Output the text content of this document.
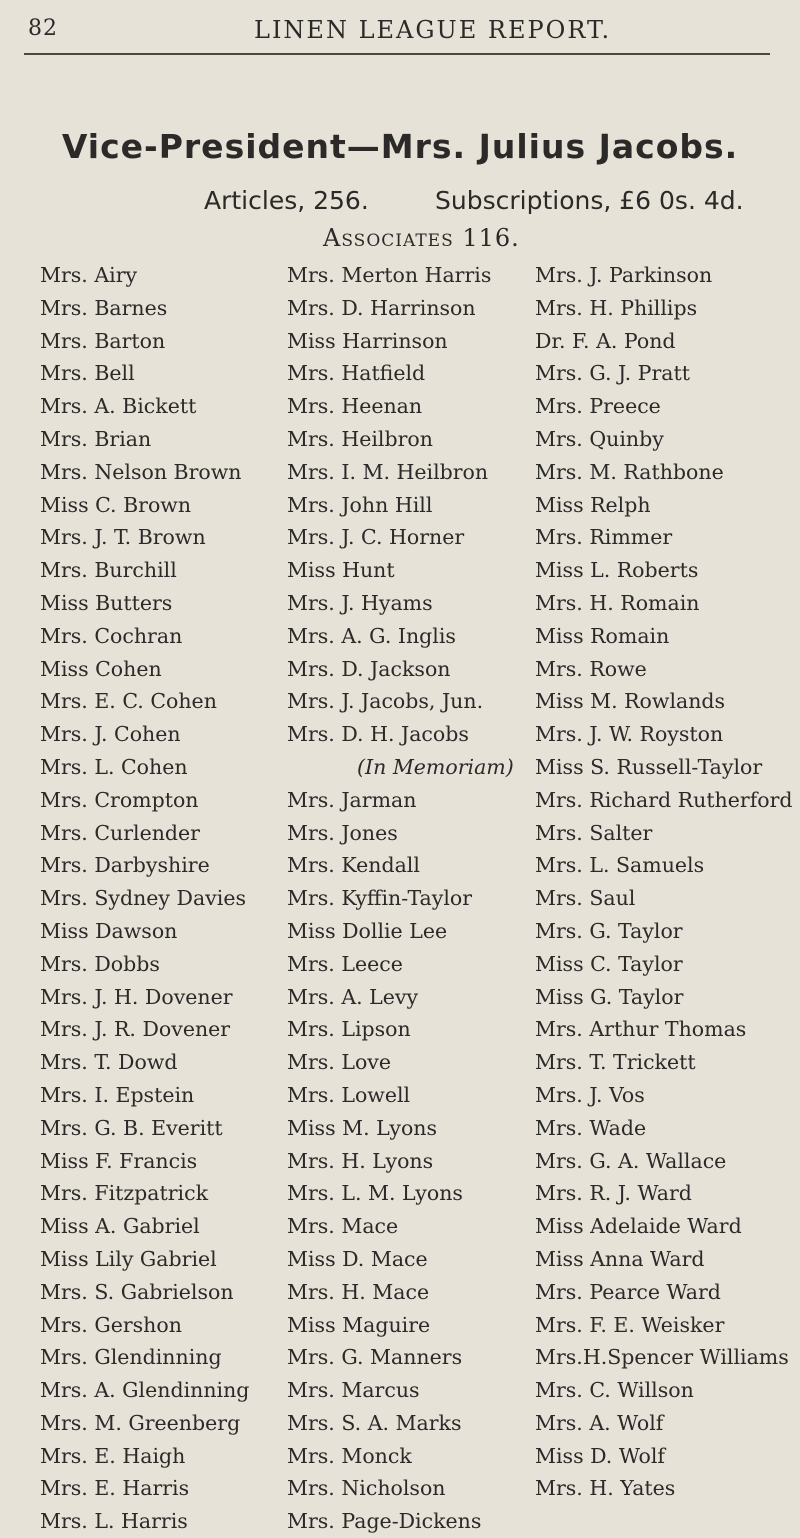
82	LINEN LEAGUE REPORT.
Vice-President—Mrs. Julius Jacobs.
Articles, 256.	Subscriptions, £6 0s. 4d.
Associates 116.
Mrs. Airy
Mrs. Barnes
Mrs. Barton
Mrs. Bell
Mrs. A. Bickett
Mrs. Brian
Mrs. Nelson Brown
Miss C. Brown
Mrs. J. T. Brown
Mrs. Burchill
Miss Butters
Mrs. Cochran
Miss Cohen
Mrs. E. C. Cohen
Mrs. J. Cohen
Mrs. L. Cohen
Mrs. Crompton
Mrs. Curlender
Mrs. Darbyshire
Mrs. Sydney Davies
Miss Dawson
Mrs. Dobbs
Mrs. J. H. Dovener
Mrs. J. R. Dovener
Mrs. T. Dowd
Mrs. I. Epstein
Mrs. G. B. Everitt
Miss F. Francis
Mrs. Fitzpatrick
Miss A. Gabriel
Miss Lily Gabriel
Mrs. S. Gabrielson
Mrs. Gershon
Mrs. Glendinning
Mrs. A. Glendinning
Mrs. M. Greenberg
Mrs. E. Haigh
Mrs. E. Harris
Mrs. L. Harris
Mrs. Merton Harris
Mrs. D. Harrinson
Miss Harrinson
Mrs. Hatfield
Mrs. Heenan
Mrs. Heilbron
Mrs. I. M. Heilbron
Mrs. John Hill
Mrs. J. C. Horner
Miss Hunt
Mrs. J. Hyams
Mrs. A. G. Inglis
Mrs. D. Jackson
Mrs. J. Jacobs, Jun.
Mrs. D. H. Jacobs
(In Memoriam)
Mrs. Jarman
Mrs. Jones
Mrs. Kendall
Mrs. Kyffin-Taylor
Miss Dollie Lee
Mrs. Leece
Mrs. A. Levy
Mrs. Lipson
Mrs. Love
Mrs. Lowell
Miss M. Lyons
Mrs. H. Lyons
Mrs. L. M. Lyons
Mrs. Mace
Miss D. Mace
Mrs. H. Mace
Miss Maguire
Mrs. G. Manners
Mrs. Marcus
Mrs. S. A. Marks
Mrs. Monck
Mrs. Nicholson
Mrs. Page-Dickens
Mrs. J. Parkinson
Mrs. H. Phillips
Dr. F. A. Pond
Mrs. G. J. Pratt
Mrs. Preece
Mrs. Quinby
Mrs. M. Rathbone
Miss Relph
Mrs. Rimmer
Miss L. Roberts
Mrs. H. Romain
Miss Romain
Mrs. Rowe
Miss M. Rowlands
Mrs. J. W. Royston
Miss S. Russell-Taylor
Mrs. Richard Rutherford
Mrs. Salter
Mrs. L. Samuels
Mrs. Saul
Mrs. G. Taylor
Miss C. Taylor
Miss G. Taylor
Mrs. Arthur Thomas
Mrs. T. Trickett
Mrs. J. Vos
Mrs. Wade
Mrs. G. A. Wallace
Mrs. R. J. Ward
Miss Adelaide Ward
Miss Anna Ward
Mrs. Pearce Ward
Mrs. F. E. Weisker
Mrs.H.Spencer Williams
Mrs. C. Willson
Mrs. A. Wolf
Miss D. Wolf
Mrs. H. Yates
